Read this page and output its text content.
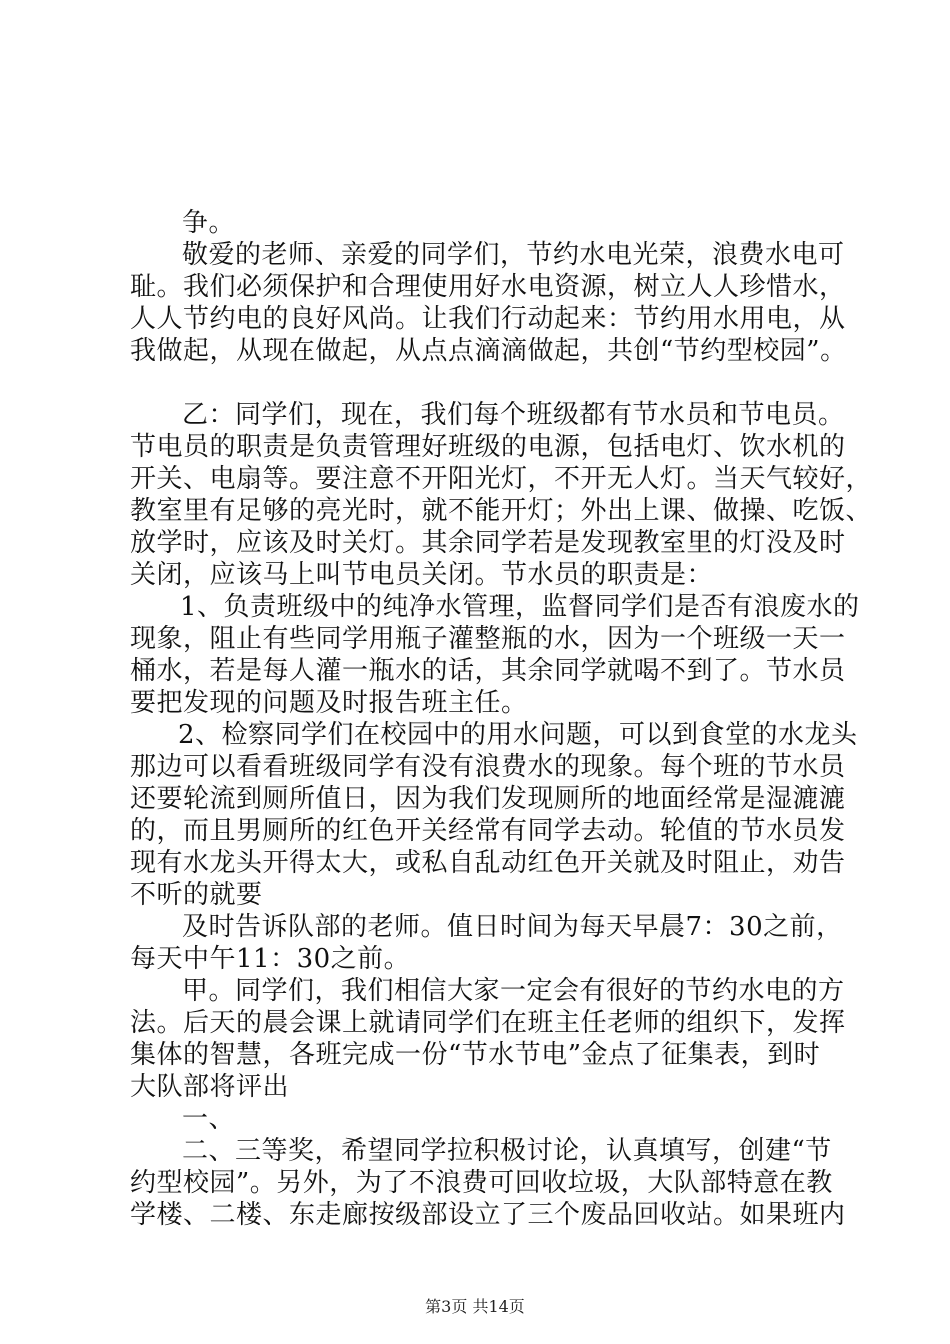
争。
敬爱的老师、亲爱的同学们，节约水电光荣，浪费水电可
耻。我们必须保护和合理使用好水电资源，树立人人珍惜水，
人人节约电的良好风尚。让我们行动起来：节约用水用电，从
我做起，从现在做起，从点点滴滴做起，共创“节约型校园”。
乙：同学们，现在，我们每个班级都有节水员和节电员。
节电员的职责是负责管理好班级的电源，包括电灯、饮水机的
开关、电扇等。要注意不开阳光灯，不开无人灯。当天气较好，
教室里有足够的亮光时，就不能开灯；外出上课、做操、吃饭、
放学时，应该及时关灯。其余同学若是发现教室里的灯没及时
关闭，应该马上叫节电员关闭。节水员的职责是：
1、负责班级中的纯净水管理，监督同学们是否有浪废水的
现象，阻止有些同学用瓶子灌整瓶的水，因为一个班级一天一
桶水，若是每人灌一瓶水的话，其余同学就喝不到了。节水员
要把发现的问题及时报告班主任。
2、检察同学们在校园中的用水问题，可以到食堂的水龙头
那边可以看看班级同学有没有浪费水的现象。每个班的节水员
还要轮流到厕所值日，因为我们发现厕所的地面经常是湿漉漉
的，而且男厕所的红色开关经常有同学去动。轮值的节水员发
现有水龙头开得太大，或私自乱动红色开关就及时阻止，劝告
不听的就要
及时告诉队部的老师。值日时间为每天早晨7：30之前，
每天中午11：30之前。
甲。同学们，我们相信大家一定会有很好的节约水电的方
法。后天的晨会课上就请同学们在班主任老师的组织下，发挥
集体的智慧，各班完成一份“节水节电”金点了征集表，到时
大队部将评出
一、
二、三等奖，希望同学拉积极讨论，认真填写，创建“节
约型校园”。另外，为了不浪费可回收垃圾，大队部特意在教
学楼、二楼、东走廊按级部设立了三个废品回收站。如果班内
第3页 共14页
